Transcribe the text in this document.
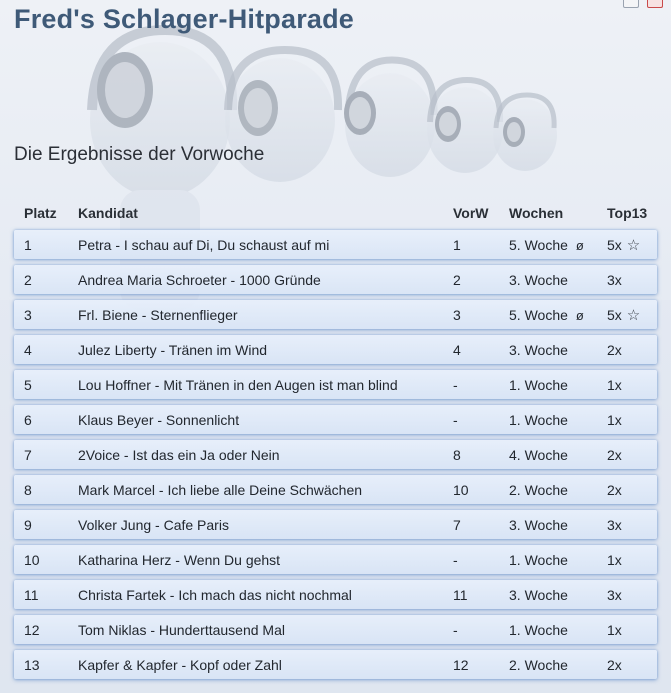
Fred's Schlager-Hitparade
Die Ergebnisse der Vorwoche
Platz	Kandidat	VorW	Wochen	Top13
1	Petra - I schau auf Di, Du schaust auf mi	1	5. Woche ø	5x ☆
2	Andrea Maria Schroeter - 1000 Gründe	2	3. Woche	3x
3	Frl. Biene - Sternenflieger	3	5. Woche ø	5x ☆
4	Julez Liberty - Tränen im Wind	4	3. Woche	2x
5	Lou Hoffner - Mit Tränen in den Augen ist man blind	-	1. Woche	1x
6	Klaus Beyer - Sonnenlicht	-	1. Woche	1x
7	2Voice - Ist das ein Ja oder Nein	8	4. Woche	2x
8	Mark Marcel - Ich liebe alle Deine Schwächen	10	2. Woche	2x
9	Volker Jung - Cafe Paris	7	3. Woche	3x
10	Katharina Herz - Wenn Du gehst	-	1. Woche	1x
11	Christa Fartek - Ich mach das nicht nochmal	11	3. Woche	3x
12	Tom Niklas - Hunderttausend Mal	-	1. Woche	1x
13	Kapfer & Kapfer - Kopf oder Zahl	12	2. Woche	2x
